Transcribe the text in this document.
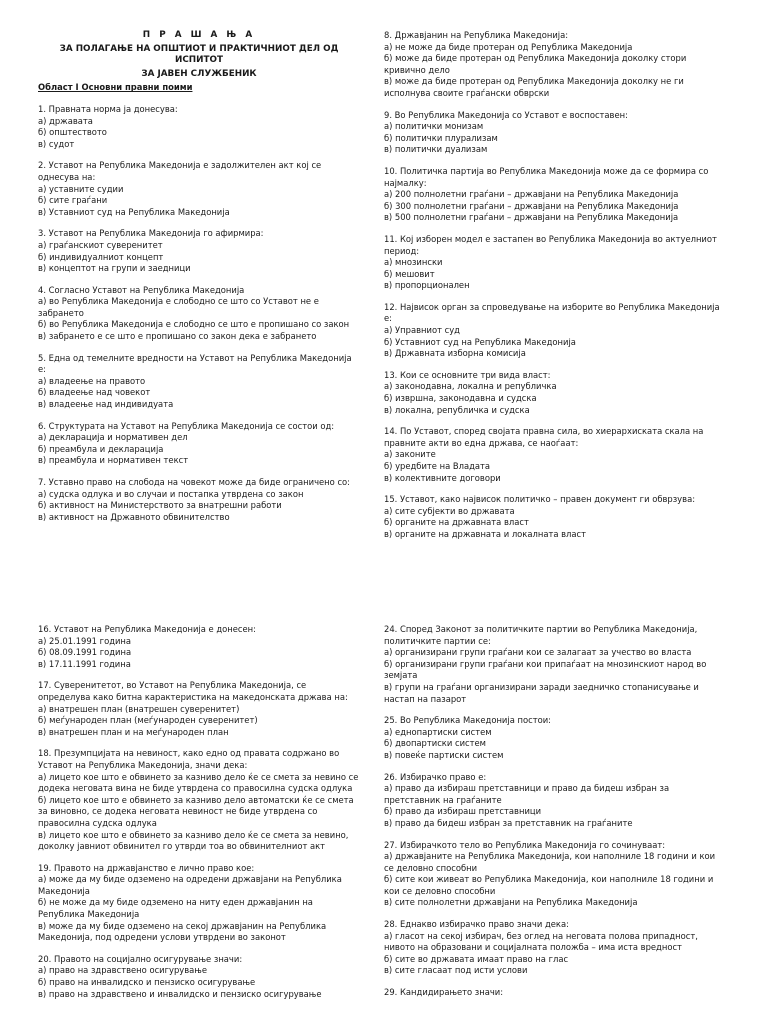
П Р А Ш А Њ А
ЗА ПОЛАГАЊЕ НА ОПШТИОТ И ПРАКТИЧНИОТ ДЕЛ ОД ИСПИТОТ
ЗА ЈАВЕН СЛУЖБЕНИК
Област I Основни правни поими
1. Правната норма ја донесува:
а) државата
б) општеството
в) судот
2. Уставот на Република Македонија е задолжителен акт кој се однесува на:
а) уставните судии
б) сите граѓани
в) Уставниот суд на Република Македонија
3. Уставот на Република Македонија го афирмира:
а) граѓанскиот суверенитет
б) индивидуалниот концепт
в) концептот на групи и заедници
4. Согласно Уставот на Република Македонија
а) во Република Македонија е слободно се што со Уставот не е забрането
б) во Република Македонија е слободно се што е пропишано со закон
в) забрането е се што е пропишано со закон дека е забрането
5. Една од темелните вредности на Уставот на Република Македонија е:
а) владеење на правото
б) владеење над човекот
в) владеење над индивидуата
6. Структурата на Уставот на Република Македонија се состои од:
а) декларација и нормативен дел
б) преамбула и декларација
в) преамбула и нормативен текст
7. Уставно право на слобода на човекот може да биде ограничено со:
а) судска одлука и во случаи и постапка утврдена со закон
б) активност на Министерството за внатрешни работи
в) активност на Државното обвинителство
8. Државјанин на Република Македонија:
а) не може да биде протеран од Република Македонија
б) може да биде протеран од Република Македонија доколку стори кривично дело
в) може да биде протеран од Република Македонија доколку не ги исполнува своите граѓански обврски
9. Во Република Македонија со Уставот е воспоставен:
а) политички монизам
б) политички плурализам
в) политички дуализам
10. Политичка партија во Република Македонија може да се формира со најмалку:
а) 200 полнолетни граѓани – државјани на Република Македонија
б) 300 полнолетни граѓани – државјани на Република Македонија
в) 500 полнолетни граѓани – државјани на Република Македонија
11. Кој изборен модел е застапен во Република Македонија во актуелниот период:
а) мнозински
б) мешовит
в) пропорционален
12. Највисок орган за спроведување на изборите во Република Македонија е:
а) Управниот суд
б) Уставниот суд на Република Македонија
в) Државната изборна комисија
13. Кои се основните три вида власт:
а) законодавна, локална и републичка
б) извршна, законодавна и судска
в) локална, републичка и судска
14. По Уставот, според својата правна сила, во хиерархиската скала на правните акти во една држава, се наоѓаат:
а) законите
б) уредбите на Владата
в) колективните договори
15. Уставот, како највисок политичко – правен документ ги обврзува:
а) сите субјекти во државата
б) органите на државната власт
в) органите на државната и локалната власт
16. Уставот на Република Македонија е донесен:
а) 25.01.1991 година
б) 08.09.1991 година
в) 17.11.1991 година
17. Суверенитетот, во Уставот на Република Македонија, се определува како битна карактеристика на македонската држава на:
а) внатрешен план (внатрешен суверенитет)
б) меѓународен план (меѓународен суверенитет)
в) внатрешен план и на меѓународен план
18. Презумпцијата на невиност, како едно од правата содржано во Уставот на Република Македонија, значи дека:
а) лицето кое што е обвинето за казниво дело ќе се смета за невино се додека неговата вина не биде утврдена со правосилна судска одлука
б) лицето кое што е обвинето за казниво дело автоматски ќе се смета за виновно, се додека неговата невиност не биде утврдена со правосилна судска одлука
в) лицето кое што е обвинето за казниво дело ќе се смета за невино, доколку јавниот обвинител го утврди тоа во обвинителниот акт
19. Правото на државјанство е лично право кое:
а) може да му биде одземено на одредени државјани на Република Македонија
б) не може да му биде одземено на ниту еден државјанин на Република Македонија
в) може да му биде одземено на секој државјанин на Република Македонија, под одредени услови утврдени во законот
20. Правото на социјално осигурување значи:
а) право на здравствено осигурување
б) право на инвалидско и пензиско осигурување
в) право на здравствено и инвалидско и пензиско осигурување
24. Според Законот за политичките партии во Република Македонија, политичките партии се:
а) организирани групи граѓани кои се залагаат за учество во власта
б) организирани групи граѓани кои припаѓаат на мнозинскиот народ во земјата
в) групи на граѓани организирани заради заедничко стопанисување и настап на пазарот
25. Во Република Македонија постои:
а) еднопартиски систем
б) двопартиски систем
в) повеќе партиски систем
26. Избирачко право е:
а) право да избираш претставници и право да бидеш избран за претставник на граѓаните
б) право да избираш претставници
в) право да бидеш избран за претставник на граѓаните
27. Избирачкото тело во Република Македонија го сочинуваат:
а) државјаните на Република Македонија, кои наполниле 18 години и кои се деловно способни
б) сите кои живеат во Република Македонија, кои наполниле 18 години и кои се деловно способни
в) сите полнолетни државјани на Република Македонија
28. Еднакво избирачко право значи дека:
а) гласот на секој избирач, без оглед на неговата полова припадност, нивото на образовани и социјалната положба – има иста вредност
б) сите во државата имаат право на глас
в) сите гласаат под исти услови
29. Кандидирањето значи:
